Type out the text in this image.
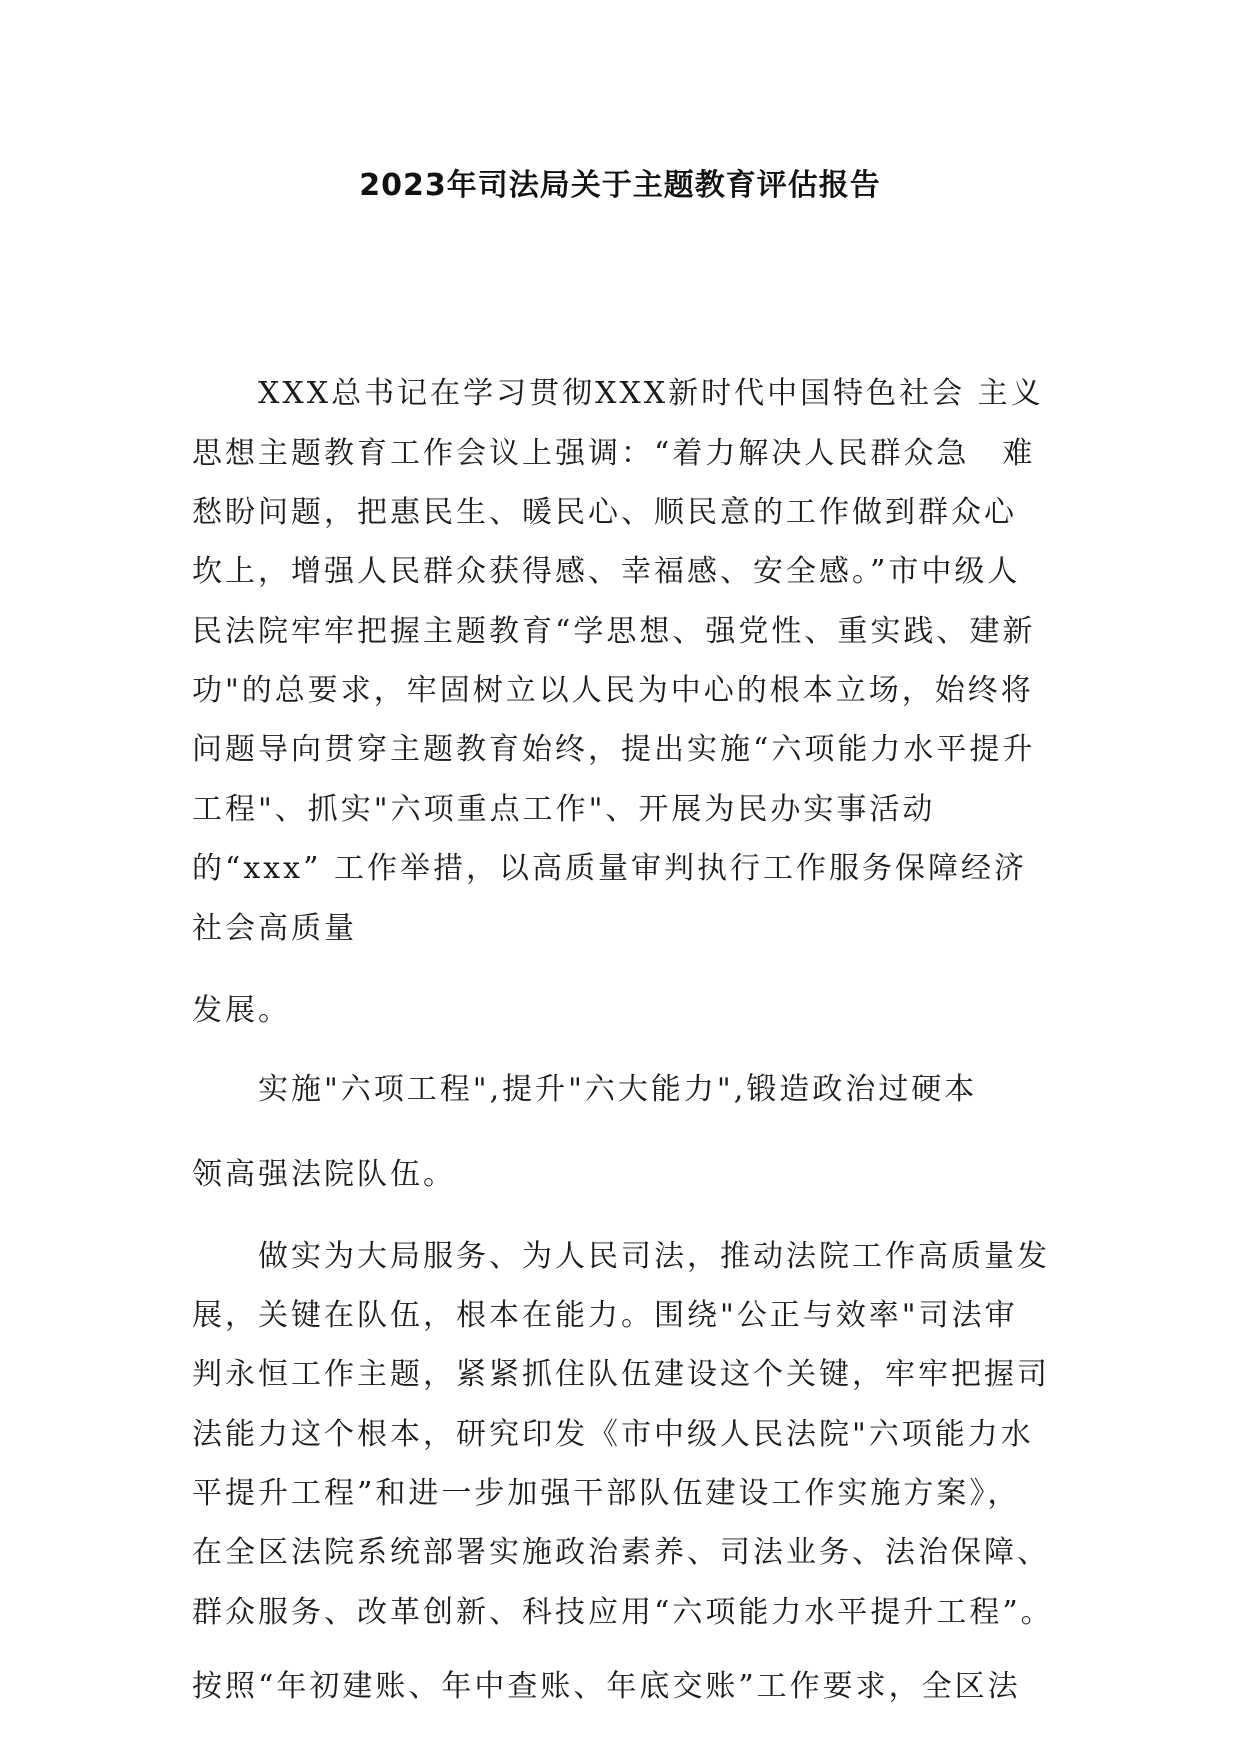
2023年司法局关于主题教育评估报告
XXX总书记在学习贯彻XXX新时代中国特色社会 主义
思想主题教育工作会议上强调：“着力解决人民群众急　难
愁盼问题，把惠民生、暖民心、顺民意的工作做到群众心
坎上，增强人民群众获得感、幸福感、安全感。”市中级人
民法院牢牢把握主题教育“学思想、强党性、重实践、建新
功"的总要求，牢固树立以人民为中心的根本立场，始终将
问题导向贯穿主题教育始终，提出实施“六项能力水平提升
工程"、抓实"六项重点工作"、开展为民办实事活动
的“xxx” 工作举措，以高质量审判执行工作服务保障经济
社会高质量
发展。
实施"六项工程",提升"六大能力",锻造政治过硬本
领高强法院队伍。
做实为大局服务、为人民司法，推动法院工作高质量发
展，关键在队伍，根本在能力。围绕"公正与效率"司法审
判永恒工作主题，紧紧抓住队伍建设这个关键，牢牢把握司
法能力这个根本，研究印发《市中级人民法院"六项能力水
平提升工程”和进一步加强干部队伍建设工作实施方案》，
在全区法院系统部署实施政治素养、司法业务、法治保障、
群众服务、改革创新、科技应用“六项能力水平提升工程”。
按照“年初建账、年中查账、年底交账”工作要求，全区法
